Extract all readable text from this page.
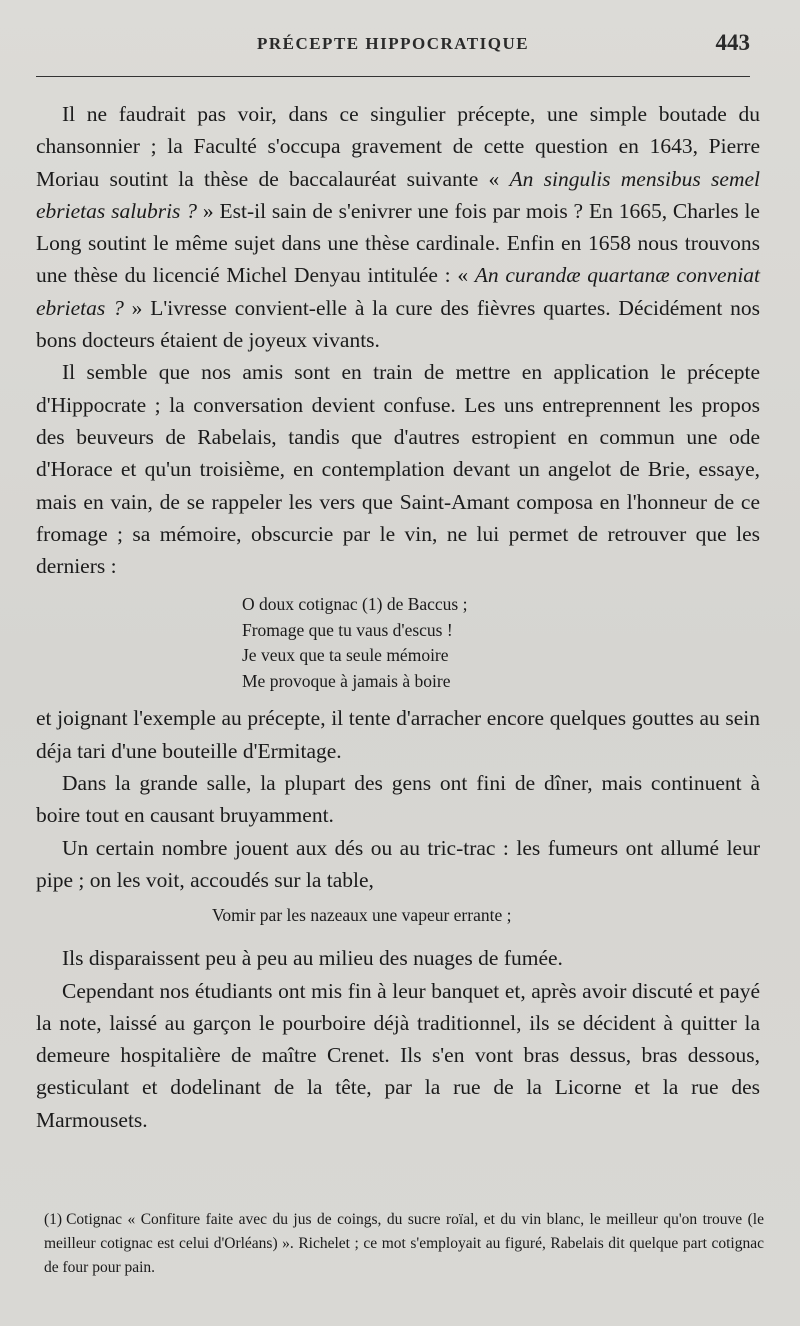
PRÉCEPTE HIPPOCRATIQUE	443

Il ne faudrait pas voir, dans ce singulier précepte, une simple boutade du chansonnier ; la Faculté s'occupa gravement de cette question en 1643, Pierre Moriau soutint la thèse de baccalauréat suivante « An singulis mensibus semel ebrietas salubris ? » Est-il sain de s'enivrer une fois par mois ? En 1665, Charles le Long soutint le même sujet dans une thèse cardinale. Enfin en 1658 nous trouvons une thèse du licencié Michel Denyau intitulée : « An curandæ quartanæ conveniat ebrietas ? » L'ivresse convient-elle à la cure des fièvres quartes. Décidément nos bons docteurs étaient de joyeux vivants.

Il semble que nos amis sont en train de mettre en application le précepte d'Hippocrate ; la conversation devient confuse. Les uns entreprennent les propos des beuveurs de Rabelais, tandis que d'autres estropient en commun une ode d'Horace et qu'un troisième, en contemplation devant un angelot de Brie, essaye, mais en vain, de se rappeler les vers que Saint-Amant composa en l'honneur de ce fromage ; sa mémoire, obscurcie par le vin, ne lui permet de retrouver que les derniers :

O doux cotignac (1) de Baccus ;
Fromage que tu vaus d'escus !
Je veux que ta seule mémoire
Me provoque à jamais à boire

et joignant l'exemple au précepte, il tente d'arracher encore quelques gouttes au sein déja tari d'une bouteille d'Ermitage.

Dans la grande salle, la plupart des gens ont fini de dîner, mais continuent à boire tout en causant bruyamment.

Un certain nombre jouent aux dés ou au tric-trac : les fumeurs ont allumé leur pipe ; on les voit, accoudés sur la table,

Vomir par les nazeaux une vapeur errante ;

Ils disparaissent peu à peu au milieu des nuages de fumée.

Cependant nos étudiants ont mis fin à leur banquet et, après avoir discuté et payé la note, laissé au garçon le pourboire déjà traditionnel, ils se décident à quitter la demeure hospitalière de maître Crenet. Ils s'en vont bras dessus, bras dessous, gesticulant et dodelinant de la tête, par la rue de la Licorne et la rue des Marmousets.

(1) Cotignac « Confiture faite avec du jus de coings, du sucre roïal, et du vin blanc, le meilleur qu'on trouve (le meilleur cotignac est celui d'Orléans) ». Richelet ; ce mot s'employait au figuré, Rabelais dit quelque part cotignac de four pour pain.
